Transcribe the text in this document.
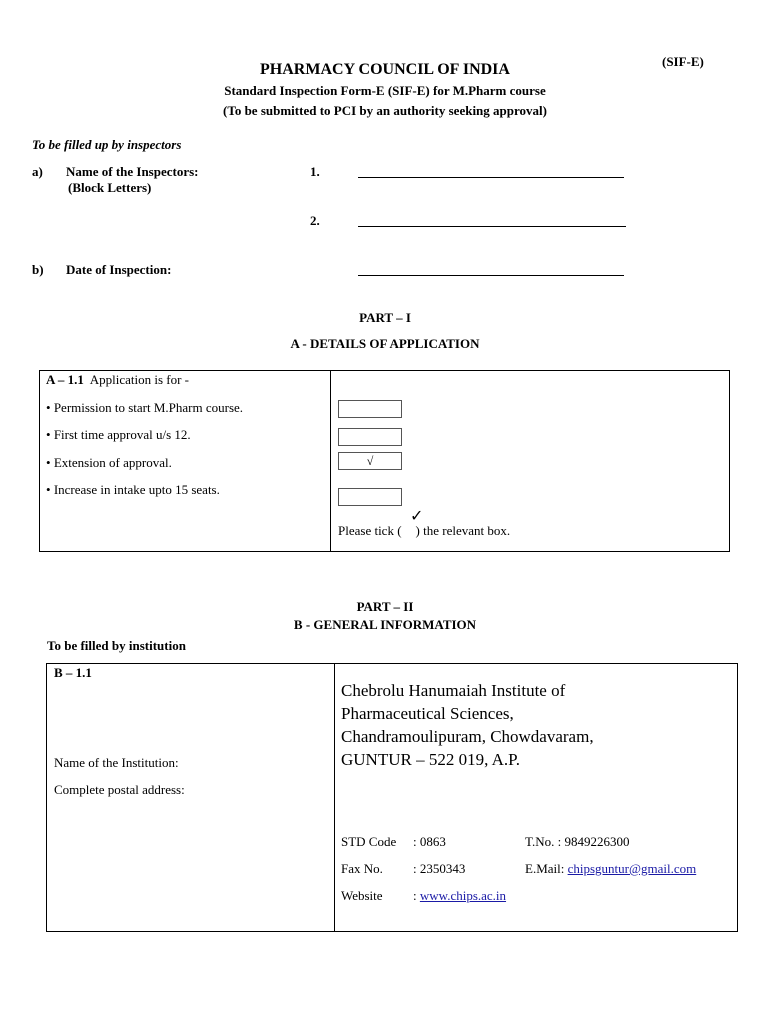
(SIF-E)
PHARMACY COUNCIL OF INDIA
Standard Inspection Form-E (SIF-E) for M.Pharm course
(To be submitted to PCI by an authority seeking approval)
To be filled up by inspectors
a) Name of the Inspectors:
(Block Letters)
1.
2.
b) Date of Inspection:
PART – I
A - DETAILS OF APPLICATION
A – 1.1 Application is for -
• Permission to start M.Pharm course.
• First time approval u/s 12.
• Extension of approval.
• Increase in intake upto 15 seats.
√
✓
Please tick ( ) the relevant box.
PART – II
B - GENERAL INFORMATION
To be filled by institution
B – 1.1
Name of the Institution:
Complete postal address:
Chebrolu Hanumaiah Institute of
Pharmaceutical Sciences,
Chandramoulipuram, Chowdavaram,
GUNTUR – 522 019, A.P.
STD Code : 0863	T.No. : 9849226300
Fax No. : 2350343	E.Mail: chipsguntur@gmail.com
Website : www.chips.ac.in
